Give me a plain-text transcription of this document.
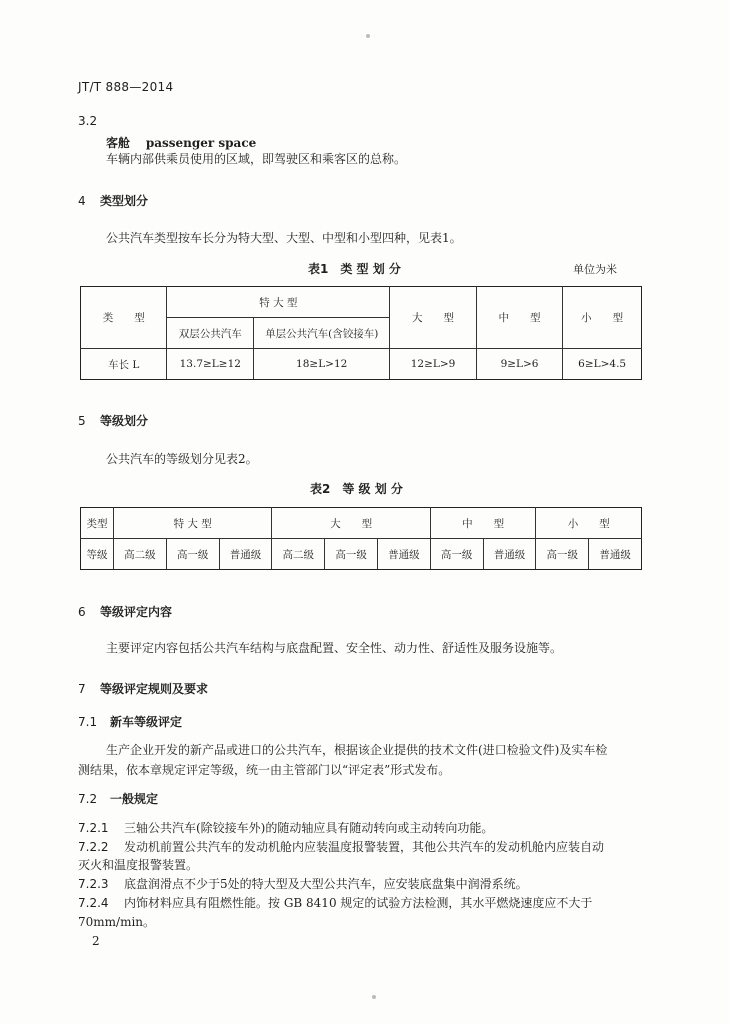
JT/T 888—2014
3.2
客舱 passenger space
车辆内部供乘员使用的区域，即驾驶区和乘客区的总称。
4 类型划分
公共汽车类型按车长分为特大型、大型、中型和小型四种，见表1。
表1　类 型 划 分	单位为米
类　　型	特 大 型		大　　型	中　　型	小　　型
	双层公共汽车	单层公共汽车(含铰接车)			
车长 L	13.7≥L≥12	18≥L>12	12≥L>9	9≥L>6	6≥L>4.5
5 等级划分
公共汽车的等级划分见表2。
表2　等 级 划 分
类型	特 大 型			大　　型			中　　型		小　　型	
等级	高二级	高一级	普通级	高二级	高一级	普通级	高一级	普通级	高一级	普通级
6 等级评定内容
主要评定内容包括公共汽车结构与底盘配置、安全性、动力性、舒适性及服务设施等。
7 等级评定规则及要求
7.1 新车等级评定
生产企业开发的新产品或进口的公共汽车，根据该企业提供的技术文件(进口检验文件)及实车检
测结果，依本章规定评定等级，统一由主管部门以“评定表”形式发布。
7.2 一般规定
7.2.1 三轴公共汽车(除铰接车外)的随动轴应具有随动转向或主动转向功能。
7.2.2 发动机前置公共汽车的发动机舱内应装温度报警装置，其他公共汽车的发动机舱内应装自动
灭火和温度报警装置。
7.2.3 底盘润滑点不少于5处的特大型及大型公共汽车，应安装底盘集中润滑系统。
7.2.4 内饰材料应具有阻燃性能。按 GB 8410 规定的试验方法检测，其水平燃烧速度应不大于
70mm/min。
2
